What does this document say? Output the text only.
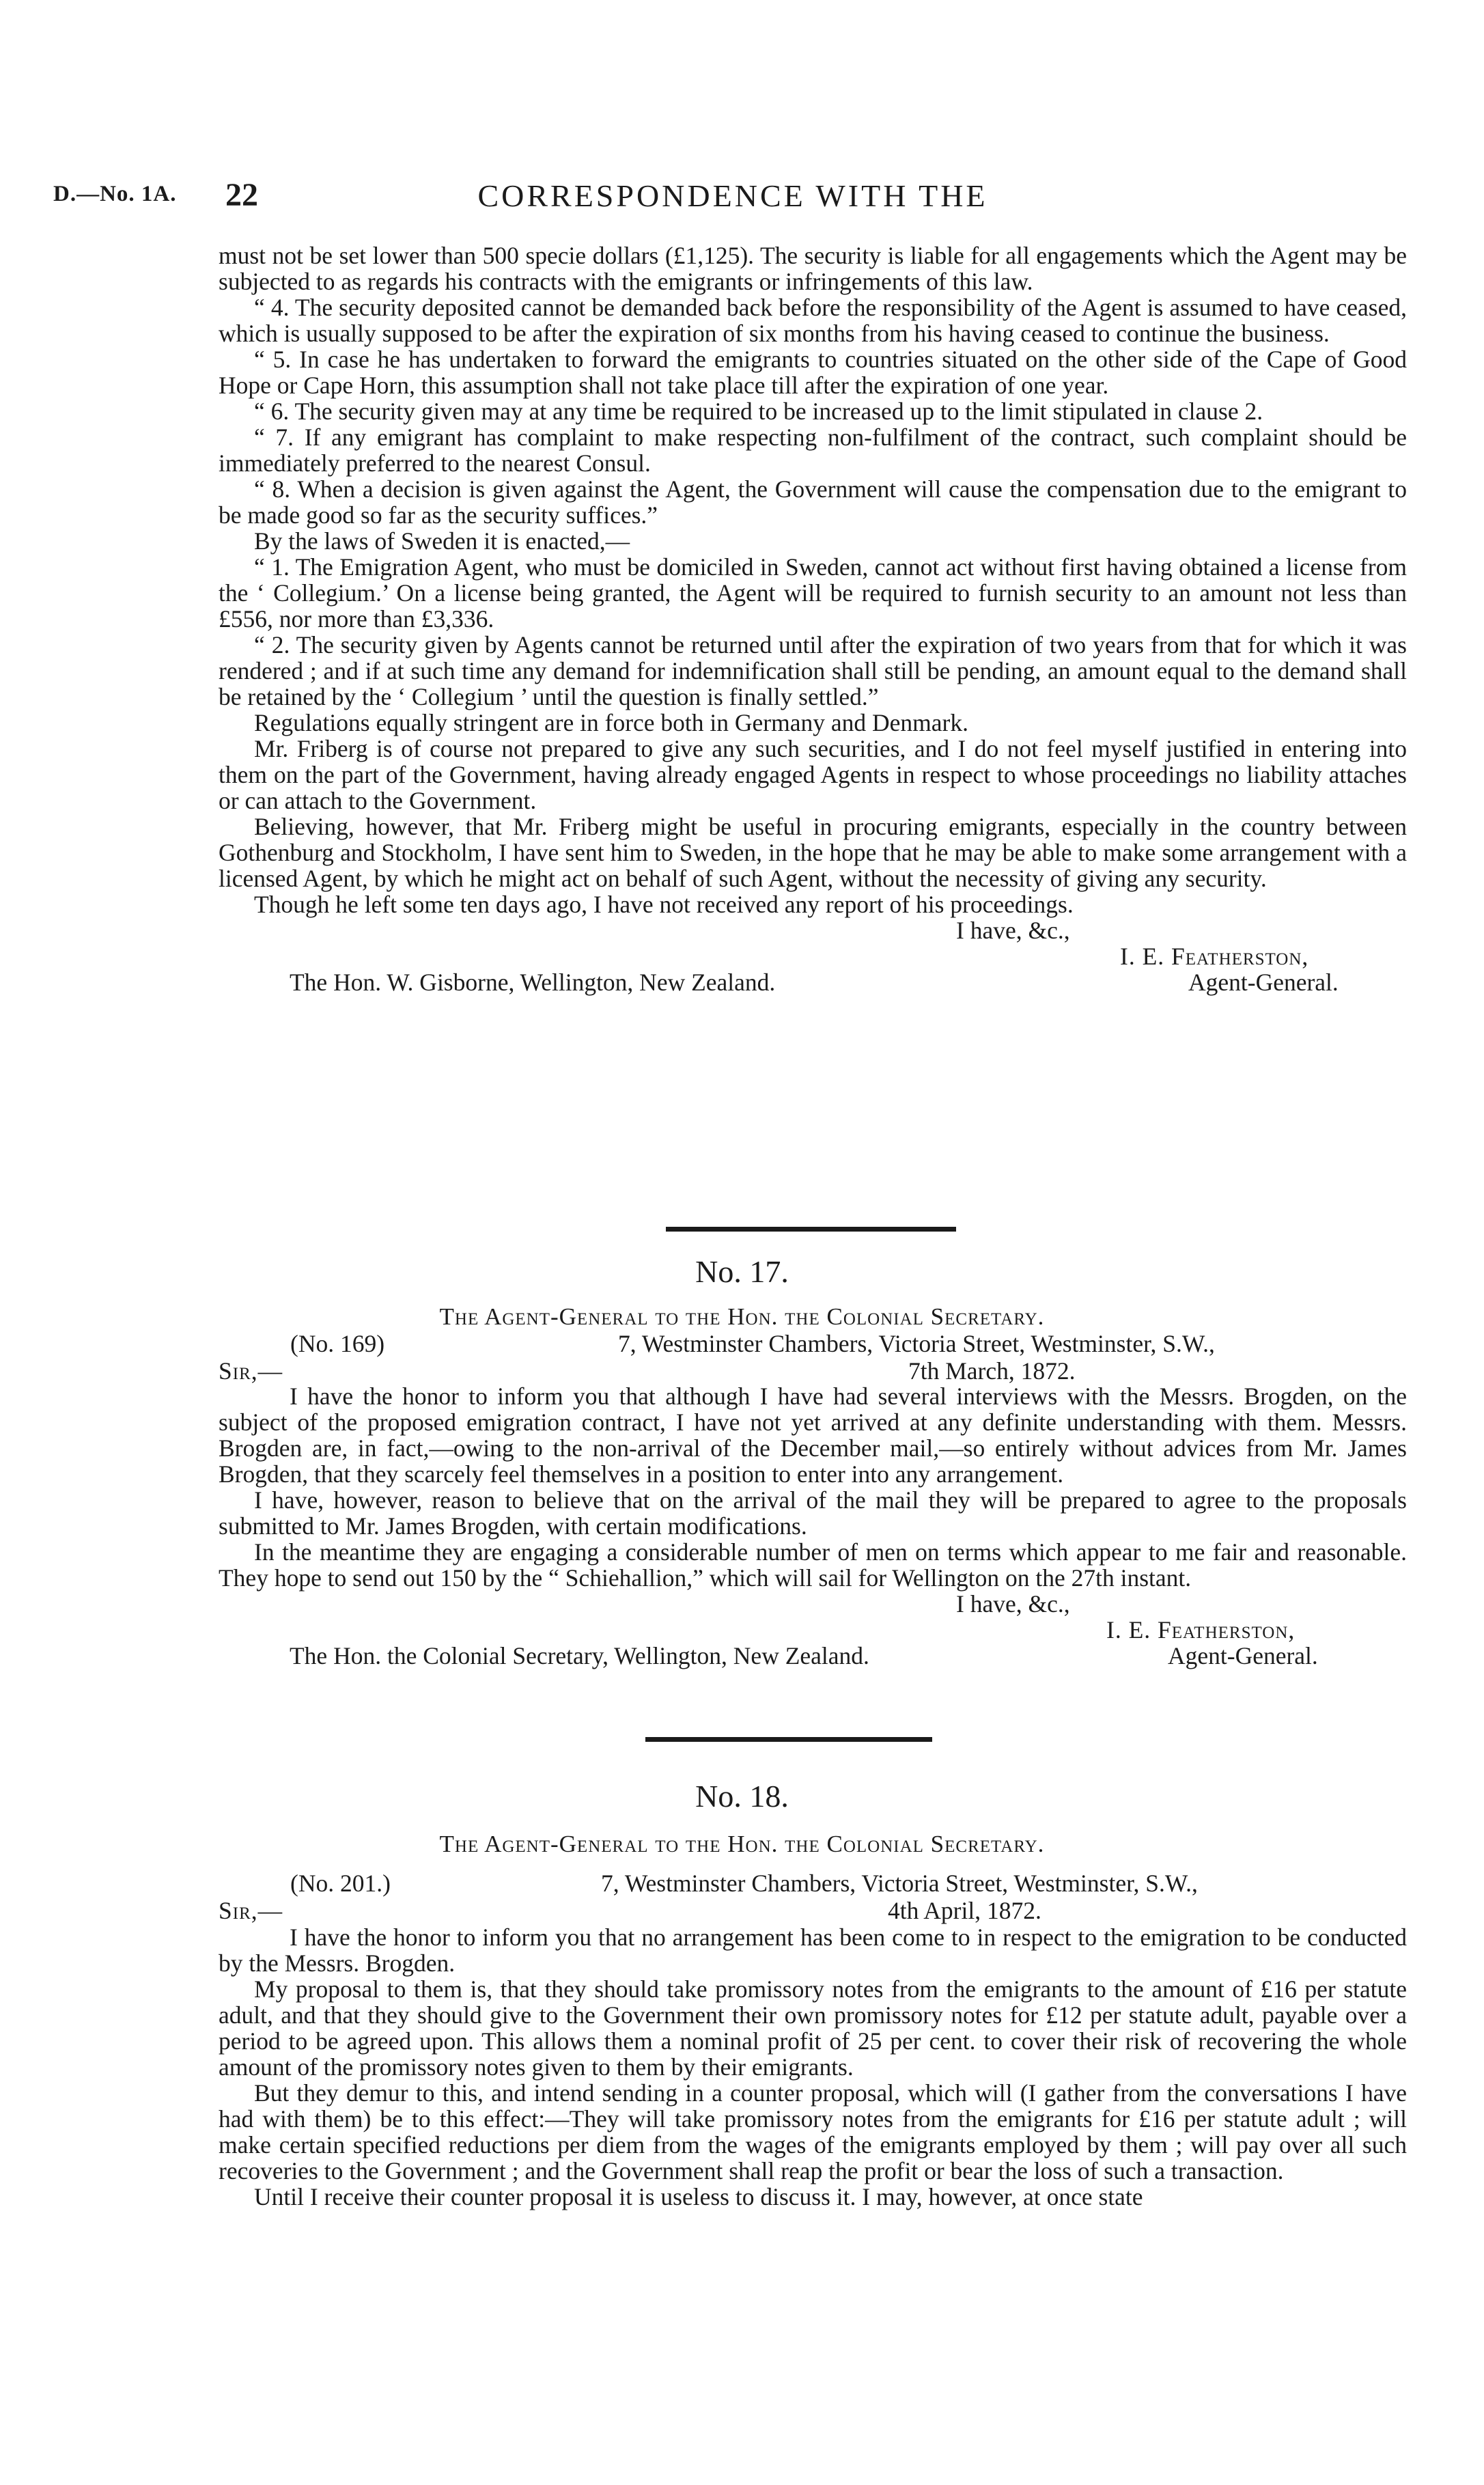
D.—No. 1A. 22	CORRESPONDENCE WITH THE

must not be set lower than 500 specie dollars (£1,125). The security is liable for all engagements which the Agent may be subjected to as regards his contracts with the emigrants or infringements of this law.

“ 4. The security deposited cannot be demanded back before the responsibility of the Agent is assumed to have ceased, which is usually supposed to be after the expiration of six months from his having ceased to continue the business.

“ 5. In case he has undertaken to forward the emigrants to countries situated on the other side of the Cape of Good Hope or Cape Horn, this assumption shall not take place till after the expiration of one year.

“ 6. The security given may at any time be required to be increased up to the limit stipulated in clause 2.

“ 7. If any emigrant has complaint to make respecting non-fulfilment of the contract, such complaint should be immediately preferred to the nearest Consul.

“ 8. When a decision is given against the Agent, the Government will cause the compensation due to the emigrant to be made good so far as the security suffices.”

By the laws of Sweden it is enacted,—

“ 1. The Emigration Agent, who must be domiciled in Sweden, cannot act without first having obtained a license from the ‘ Collegium.’ On a license being granted, the Agent will be required to furnish security to an amount not less than £556, nor more than £3,336.

“ 2. The security given by Agents cannot be returned until after the expiration of two years from that for which it was rendered ; and if at such time any demand for indemnification shall still be pending, an amount equal to the demand shall be retained by the ‘ Collegium ’ until the question is finally settled.”

Regulations equally stringent are in force both in Germany and Denmark.

Mr. Friberg is of course not prepared to give any such securities, and I do not feel myself justified in entering into them on the part of the Government, having already engaged Agents in respect to whose proceedings no liability attaches or can attach to the Government.

Believing, however, that Mr. Friberg might be useful in procuring emigrants, especially in the country between Gothenburg and Stockholm, I have sent him to Sweden, in the hope that he may be able to make some arrangement with a licensed Agent, by which he might act on behalf of such Agent, without the necessity of giving any security.

Though he left some ten days ago, I have not received any report of his proceedings.

I have, &c.,
I. E. Featherston,
The Hon. W. Gisborne, Wellington, New Zealand.	Agent-General.
No. 17.
The Agent-General to the Hon. the Colonial Secretary.
(No. 169)	7, Westminster Chambers, Victoria Street, Westminster, S.W.,
Sir,—	7th March, 1872.

I have the honor to inform you that although I have had several interviews with the Messrs. Brogden, on the subject of the proposed emigration contract, I have not yet arrived at any definite understanding with them. Messrs. Brogden are, in fact,—owing to the non-arrival of the December mail,—so entirely without advices from Mr. James Brogden, that they scarcely feel themselves in a position to enter into any arrangement.

I have, however, reason to believe that on the arrival of the mail they will be prepared to agree to the proposals submitted to Mr. James Brogden, with certain modifications.

In the meantime they are engaging a considerable number of men on terms which appear to me fair and reasonable. They hope to send out 150 by the “ Schiehallion,” which will sail for Wellington on the 27th instant.

I have, &c.,
I. E. Featherston,
The Hon. the Colonial Secretary, Wellington, New Zealand.	Agent-General.
No. 18.
The Agent-General to the Hon. the Colonial Secretary.
(No. 201.)	7, Westminster Chambers, Victoria Street, Westminster, S.W.,
Sir,—	4th April, 1872.

I have the honor to inform you that no arrangement has been come to in respect to the emigration to be conducted by the Messrs. Brogden.

My proposal to them is, that they should take promissory notes from the emigrants to the amount of £16 per statute adult, and that they should give to the Government their own promissory notes for £12 per statute adult, payable over a period to be agreed upon. This allows them a nominal profit of 25 per cent. to cover their risk of recovering the whole amount of the promissory notes given to them by their emigrants.

But they demur to this, and intend sending in a counter proposal, which will (I gather from the conversations I have had with them) be to this effect:—They will take promissory notes from the emigrants for £16 per statute adult ; will make certain specified reductions per diem from the wages of the emigrants employed by them ; will pay over all such recoveries to the Government ; and the Government shall reap the profit or bear the loss of such a transaction.

Until I receive their counter proposal it is useless to discuss it. I may, however, at once state
